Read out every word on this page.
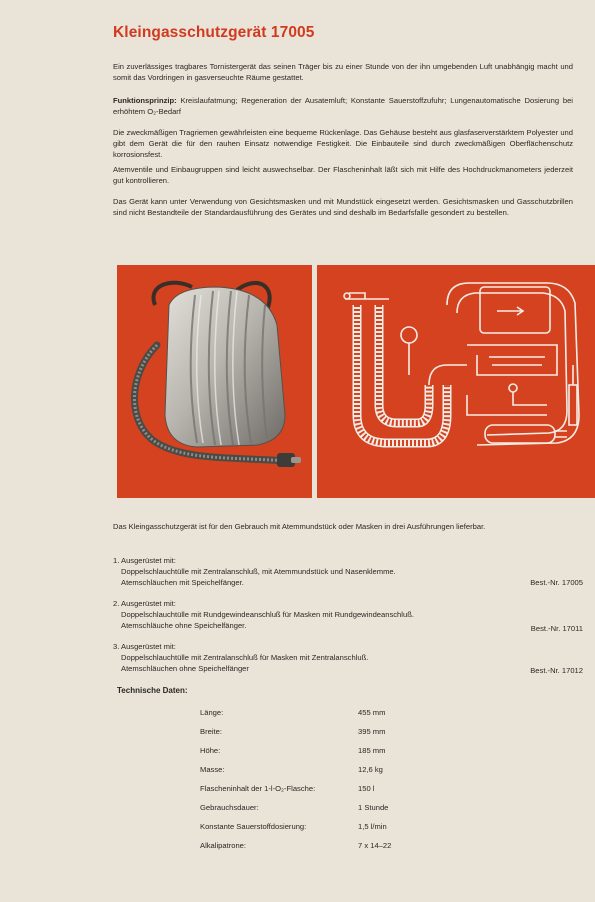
Kleingasschutzgerät 17005

Ein zuverlässiges tragbares Tornistergerät das seinen Träger bis zu einer Stunde von der ihn umgebenden Luft unabhängig macht und somit das Vordringen in gasverseuchte Räume gestattet.

Funktionsprinzip: Kreislaufatmung; Regeneration der Ausatemluft; Konstante Sauerstoffzufuhr; Lungenautomatische Dosierung bei erhöhtem O₂-Bedarf

Die zweckmäßigen Tragriemen gewährleisten eine bequeme Rückenlage. Das Gehäuse besteht aus glasfaserverstärktem Polyester und gibt dem Gerät die für den rauhen Einsatz notwendige Festigkeit. Die Einbauteile sind durch zweckmäßigen Oberflächenschutz korrosionsfest.

Atemventile und Einbaugruppen sind leicht auswechselbar. Der Flascheninhalt läßt sich mit Hilfe des Hochdruckmanometers jederzeit gut kontrollieren.

Das Gerät kann unter Verwendung von Gesichtsmasken und mit Mundstück eingesetzt werden. Gesichtsmasken und Gasschutzbrillen sind nicht Bestandteile der Standardausführung des Gerätes und sind deshalb im Bedarfsfalle gesondert zu bestellen.

Das Kleingasschutzgerät ist für den Gebrauch mit Atemmundstück oder Masken in drei Ausführungen lieferbar.

1. Ausgerüstet mit:
Doppelschlauchtülle mit Zentralanschluß, mit Atemmundstück und Nasenklemme.
Atemschläuchen mit Speichelfänger.	Best.-Nr. 17005
2. Ausgerüstet mit:
Doppelschlauchtülle mit Rundgewindeanschluß für Masken mit Rundgewindeanschluß.
Atemschläuche ohne Speichelfänger.	Best.-Nr. 17011
3. Ausgerüstet mit:
Doppelschlauchtülle mit Zentralanschluß für Masken mit Zentralanschluß.
Atemschläuchen ohne Speichelfänger	Best.-Nr. 17012
Technische Daten:
Länge:	455 mm
Breite:	395 mm
Höhe:	185 mm
Masse:	12,6 kg
Flascheninhalt der 1-l-O₂-Flasche:	150 l
Gebrauchsdauer:	1 Stunde
Konstante Sauerstoffdosierung:	1,5 l/min
Alkalipatrone:	7 x 14–22
